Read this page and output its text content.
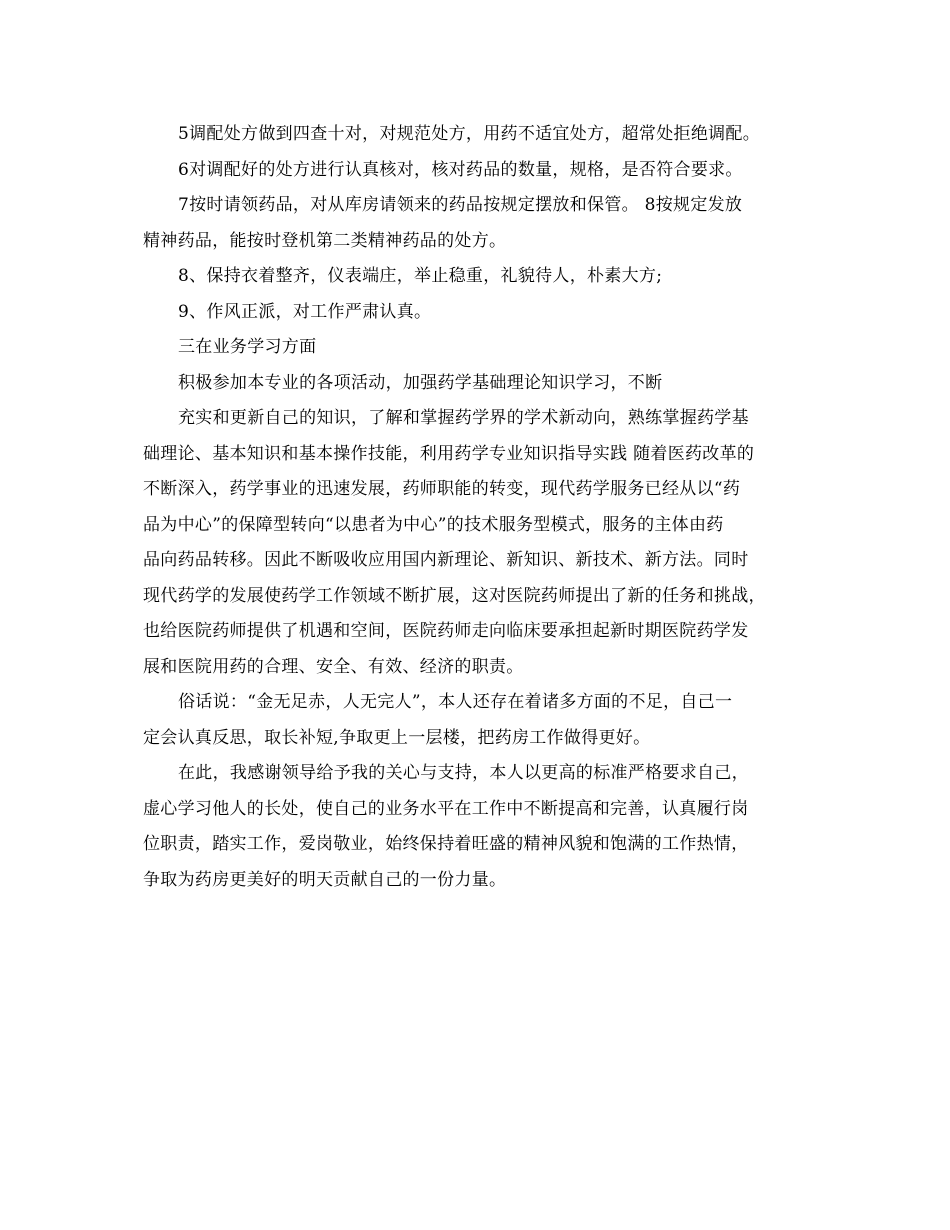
5调配处方做到四查十对，对规范处方，用药不适宜处方，超常处拒绝调配。
6对调配好的处方进行认真核对，核对药品的数量，规格，是否符合要求。
7按时请领药品，对从库房请领来的药品按规定摆放和保管。 8按规定发放
精神药品，能按时登机第二类精神药品的处方。
8、保持衣着整齐，仪表端庄，举止稳重，礼貌待人，朴素大方;
9、作风正派，对工作严肃认真。
三在业务学习方面
积极参加本专业的各项活动，加强药学基础理论知识学习，不断
充实和更新自己的知识，了解和掌握药学界的学术新动向，熟练掌握药学基
础理论、基本知识和基本操作技能，利用药学专业知识指导实践 随着医药改革的
不断深入，药学事业的迅速发展，药师职能的转变，现代药学服务已经从以“药
品为中心”的保障型转向“以患者为中心”的技术服务型模式，服务的主体由药
品向药品转移。因此不断吸收应用国内新理论、新知识、新技术、新方法。同时
现代药学的发展使药学工作领域不断扩展，这对医院药师提出了新的任务和挑战，
也给医院药师提供了机遇和空间，医院药师走向临床要承担起新时期医院药学发
展和医院用药的合理、安全、有效、经济的职责。
俗话说：“金无足赤，人无完人”，本人还存在着诸多方面的不足，自己一
定会认真反思，取长补短,争取更上一层楼，把药房工作做得更好。
在此，我感谢领导给予我的关心与支持，本人以更高的标准严格要求自己，
虚心学习他人的长处，使自己的业务水平在工作中不断提高和完善，认真履行岗
位职责，踏实工作，爱岗敬业，始终保持着旺盛的精神风貌和饱满的工作热情，
争取为药房更美好的明天贡献自己的一份力量。
